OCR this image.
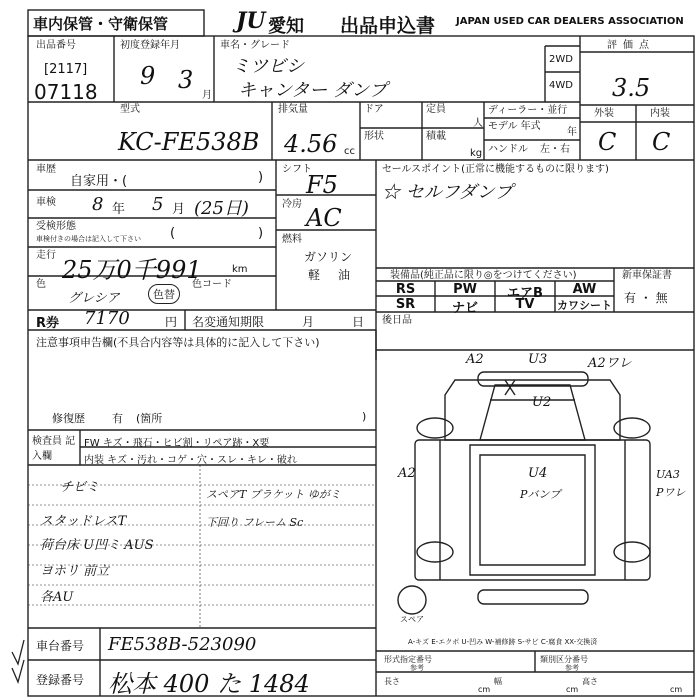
車内保管・守衛保管	JU 愛知 出品申込書 JAPAN USED CAR DEALERS ASSOCIATION
出品番号
[2117]
07118
初度登録年月
9 3
月
車名・グレード
ミツビシ
キャンター ダンプ
2WD
4WD
評価点
3.5
外装	内装
C C
型式
KC-FE538B
排気量
4.56 cc
ドア	定員
人
形状	積載
kg
ディーラー・並行
モデル 年式
年
ハンドル 左・右
車歴
自家用・(	)
車検 8 年 5 月 (25日)
受検形態
車検付きの場合は記入して下さい (	)
走行
25万0千991	km
色
グレシア	色替
色コード
シフト
F5
冷房 AC
燃料
ガソリン
軽 油
R券 7170	円 名変通知期限	月	日
セールスポイント(正常に機能するものに限ります)
☆ セルフダンプ
装備品(純正品に限り◎をつけてください)
RS	PW	エアB	AW
SR	ナビ	TV	カワシート
新車保証書
有 ・ 無
後日品
注意事項申告欄(不具合内容等は具体的に記入して下さい)
修復歴 有 (箇所	)
検査員 記入欄
FW キズ・飛石・ヒビ割・リペア跡・X要
内装 キズ・汚れ・コゲ・穴・スレ・キレ・破れ
チビミ
スタッドレスT
荷台床 U凹ミ AUS
ヨホリ 前立
各AU
スペアT ブラケット ゆがミ
下回り フレーム Sc
A2	U3	A2ワレ
U2
U4
Pバンプ
A2	UA3
Pワレ
スペア
A-キズ E-エクボ U-凹み W-補修跡 S-サビ C-腐食 XX-交換済
車台番号 FE538B-523090
登録番号 松本 400 た 1484
形式指定番号	類別区分番号
参考	参考
長さ
cm
幅
cm
高さ
cm
